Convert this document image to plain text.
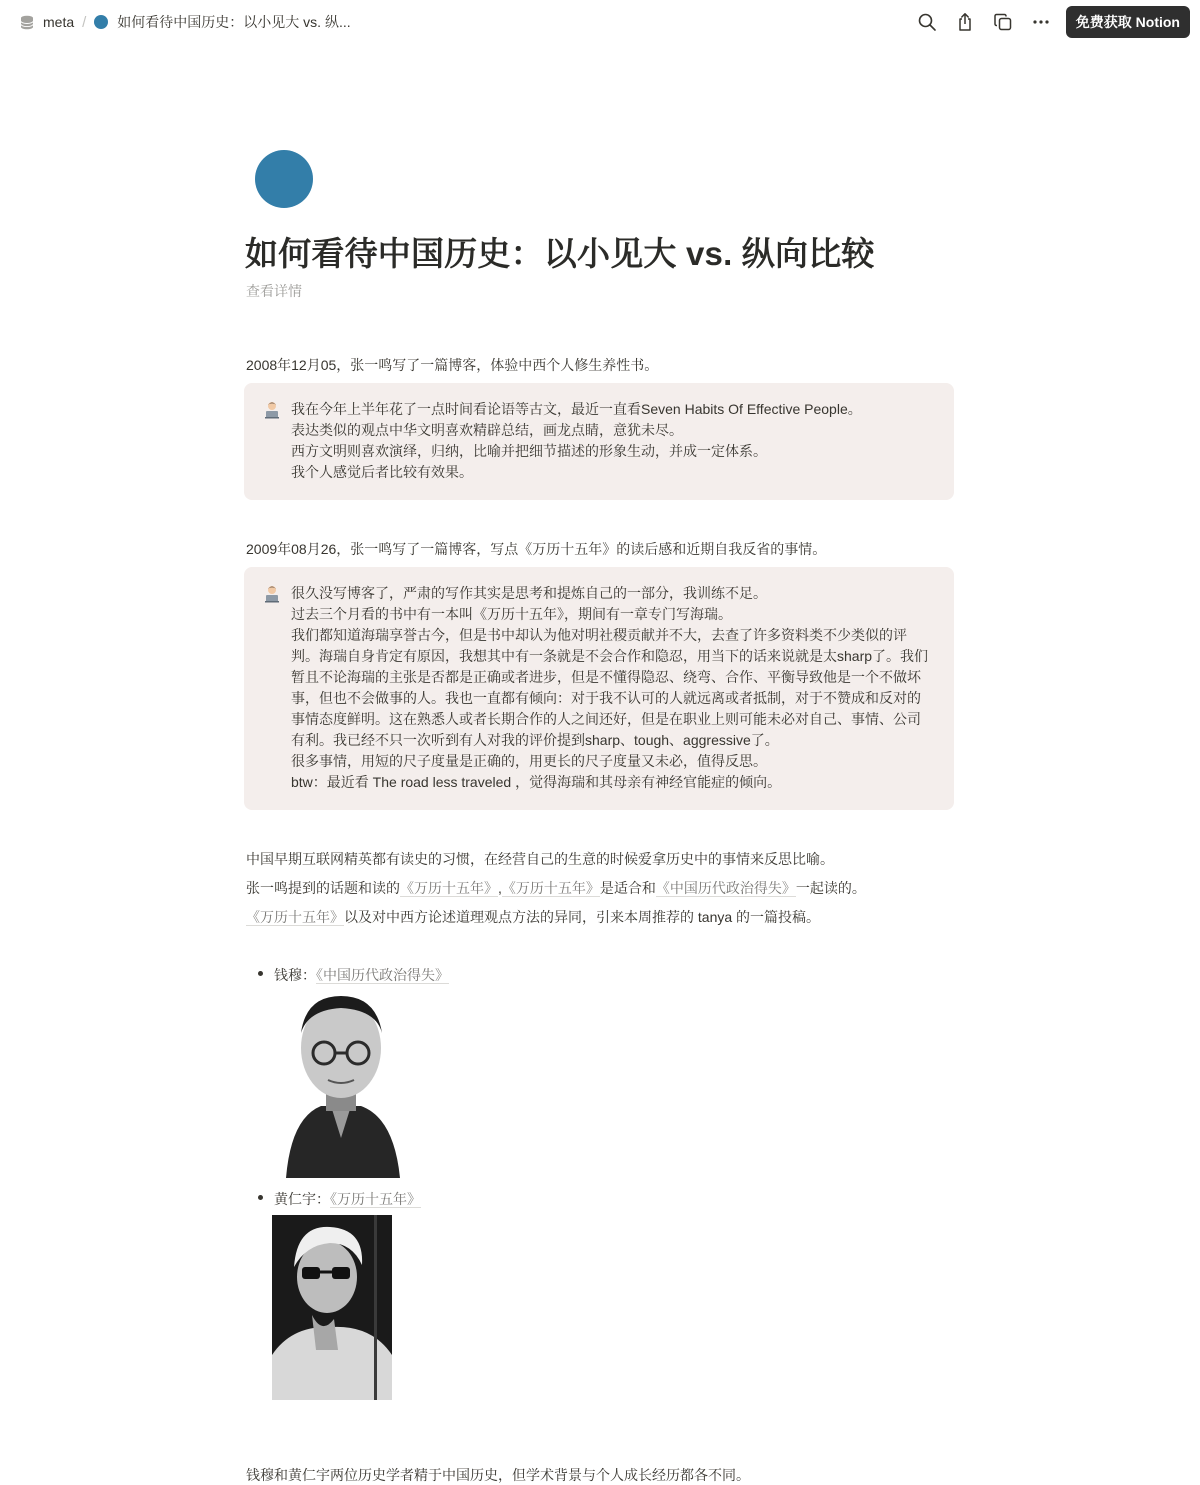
meta / 如何看待中国历史：以小见大 vs. 纵...	免费获取 Notion
如何看待中国历史：以小见大 vs. 纵向比较
查看详情
2008年12月05，张一鸣写了一篇博客，体验中西个人修生养性书。
我在今年上半年花了一点时间看论语等古文，最近一直看Seven Habits Of Effective People。
表达类似的观点中华文明喜欢精辟总结，画龙点睛，意犹未尽。
西方文明则喜欢演绎，归纳，比喻并把细节描述的形象生动，并成一定体系。
我个人感觉后者比较有效果。
2009年08月26，张一鸣写了一篇博客，写点《万历十五年》的读后感和近期自我反省的事情。
很久没写博客了，严肃的写作其实是思考和提炼自己的一部分，我训练不足。
过去三个月看的书中有一本叫《万历十五年》，期间有一章专门写海瑞。
我们都知道海瑞享誉古今，但是书中却认为他对明社稷贡献并不大，去查了许多资料类不少类似的评判。海瑞自身肯定有原因，我想其中有一条就是不会合作和隐忍，用当下的话来说就是太sharp了。我们暂且不论海瑞的主张是否都是正确或者进步，但是不懂得隐忍、绕弯、合作、平衡导致他是一个不做坏事，但也不会做事的人。我也一直都有倾向：对于我不认可的人就远离或者抵制，对于不赞成和反对的事情态度鲜明。这在熟悉人或者长期合作的人之间还好，但是在职业上则可能未必对自己、事情、公司有利。我已经不只一次听到有人对我的评价提到sharp、tough、aggressive了。
很多事情，用短的尺子度量是正确的，用更长的尺子度量又未必，值得反思。
btw：最近看 The road less traveled ，觉得海瑞和其母亲有神经官能症的倾向。
中国早期互联网精英都有读史的习惯，在经营自己的生意的时候爱拿历史中的事情来反思比喻。
张一鸣提到的话题和读的《万历十五年》,《万历十五年》是适合和《中国历代政治得失》一起读的。
《万历十五年》以及对中西方论述道理观点方法的异同，引来本周推荐的 tanya 的一篇投稿。
钱穆：《中国历代政治得失》
黄仁宇：《万历十五年》
钱穆和黄仁宇两位历史学者精于中国历史，但学术背景与个人成长经历都各不同。
